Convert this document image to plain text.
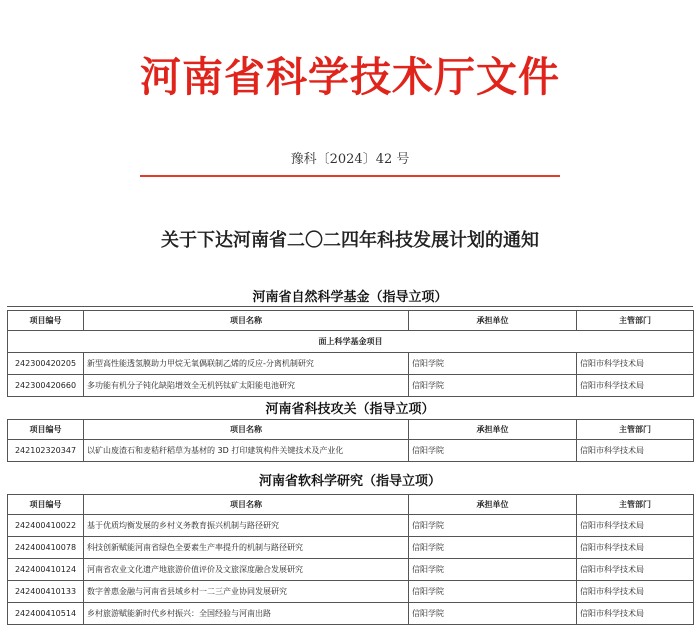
河南省科学技术厅文件
豫科〔2024〕42 号
关于下达河南省二〇二四年科技发展计划的通知
河南省自然科学基金（指导立项）
项目编号	项目名称	承担单位	主管部门
面上科学基金项目			
242300420205	新型高性能透氢膜助力甲烷无氧偶联制乙烯的反应-分离机制研究	信阳学院	信阳市科学技术局
242300420660	多功能有机分子钝化缺陷增效全无机钙钛矿太阳能电池研究	信阳学院	信阳市科学技术局
河南省科技攻关（指导立项）
项目编号	项目名称	承担单位	主管部门
242102320347	以矿山废渣石和麦秸秆稻草为基材的 3D 打印建筑构件关键技术及产业化	信阳学院	信阳市科学技术局
河南省软科学研究（指导立项）
项目编号	项目名称	承担单位	主管部门
242400410022	基于优质均衡发展的乡村义务教育振兴机制与路径研究	信阳学院	信阳市科学技术局
242400410078	科技创新赋能河南省绿色全要素生产率提升的机制与路径研究	信阳学院	信阳市科学技术局
242400410124	河南省农业文化遗产地旅游价值评价及文旅深度融合发展研究	信阳学院	信阳市科学技术局
242400410133	数字普惠金融与河南省县域乡村一二三产业协同发展研究	信阳学院	信阳市科学技术局
242400410514	乡村旅游赋能新时代乡村振兴：全国经验与河南出路	信阳学院	信阳市科学技术局
